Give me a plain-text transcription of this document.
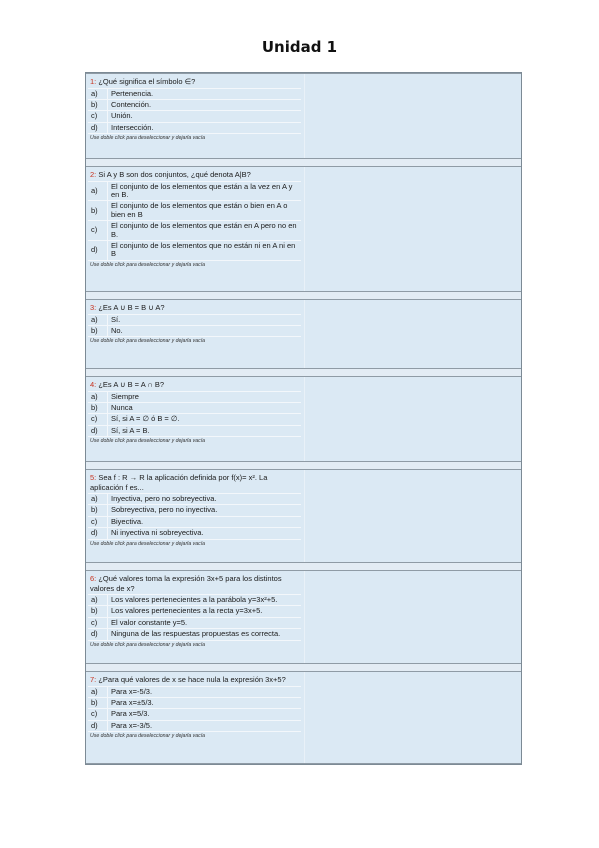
Unidad 1
1: ¿Qué significa el símbolo ∈?
a)	Pertenencia.
b)	Contención.
c)	Unión.
d)	Intersección.
Use doble click para deseleccionar y dejarla vacía
2: Si A y B son dos conjuntos, ¿qué denota A|B?
a)	El conjunto de los elementos que están a la vez en A y en B.
b)	El conjunto de los elementos que están o bien en A o bien en B
c)	El conjunto de los elementos que están en A pero no en B.
d)	El conjunto de los elementos que no están ni en A ni en B
Use doble click para deseleccionar y dejarla vacía
3: ¿Es A ∪ B = B ∪ A?
a)	Sí.
b)	No.
Use doble click para deseleccionar y dejarla vacía
4: ¿Es A ∪ B = A ∩ B?
a)	Siempre
b)	Nunca
c)	Sí, si A = ∅ ó B = ∅.
d)	Sí, si A = B.
Use doble click para deseleccionar y dejarla vacía
5: Sea f : R → R la aplicación definida por f(x)= x². La aplicación f es...
a)	Inyectiva, pero no sobreyectiva.
b)	Sobreyectiva, pero no inyectiva.
c)	Biyectiva.
d)	Ni inyectiva ni sobreyectiva.
Use doble click para deseleccionar y dejarla vacía
6: ¿Qué valores toma la expresión 3x+5 para los distintos valores de x?
a)	Los valores pertenecientes a la parábola y=3x²+5.
b)	Los valores pertenecientes a la recta y=3x+5.
c)	El valor constante y=5.
d)	Ninguna de las respuestas propuestas es correcta.
Use doble click para deseleccionar y dejarla vacía
7: ¿Para qué valores de x se hace nula la expresión 3x+5?
a)	Para x=-5/3.
b)	Para x=±5/3.
c)	Para x=5/3.
d)	Para x=-3/5.
Use doble click para deseleccionar y dejarla vacía
